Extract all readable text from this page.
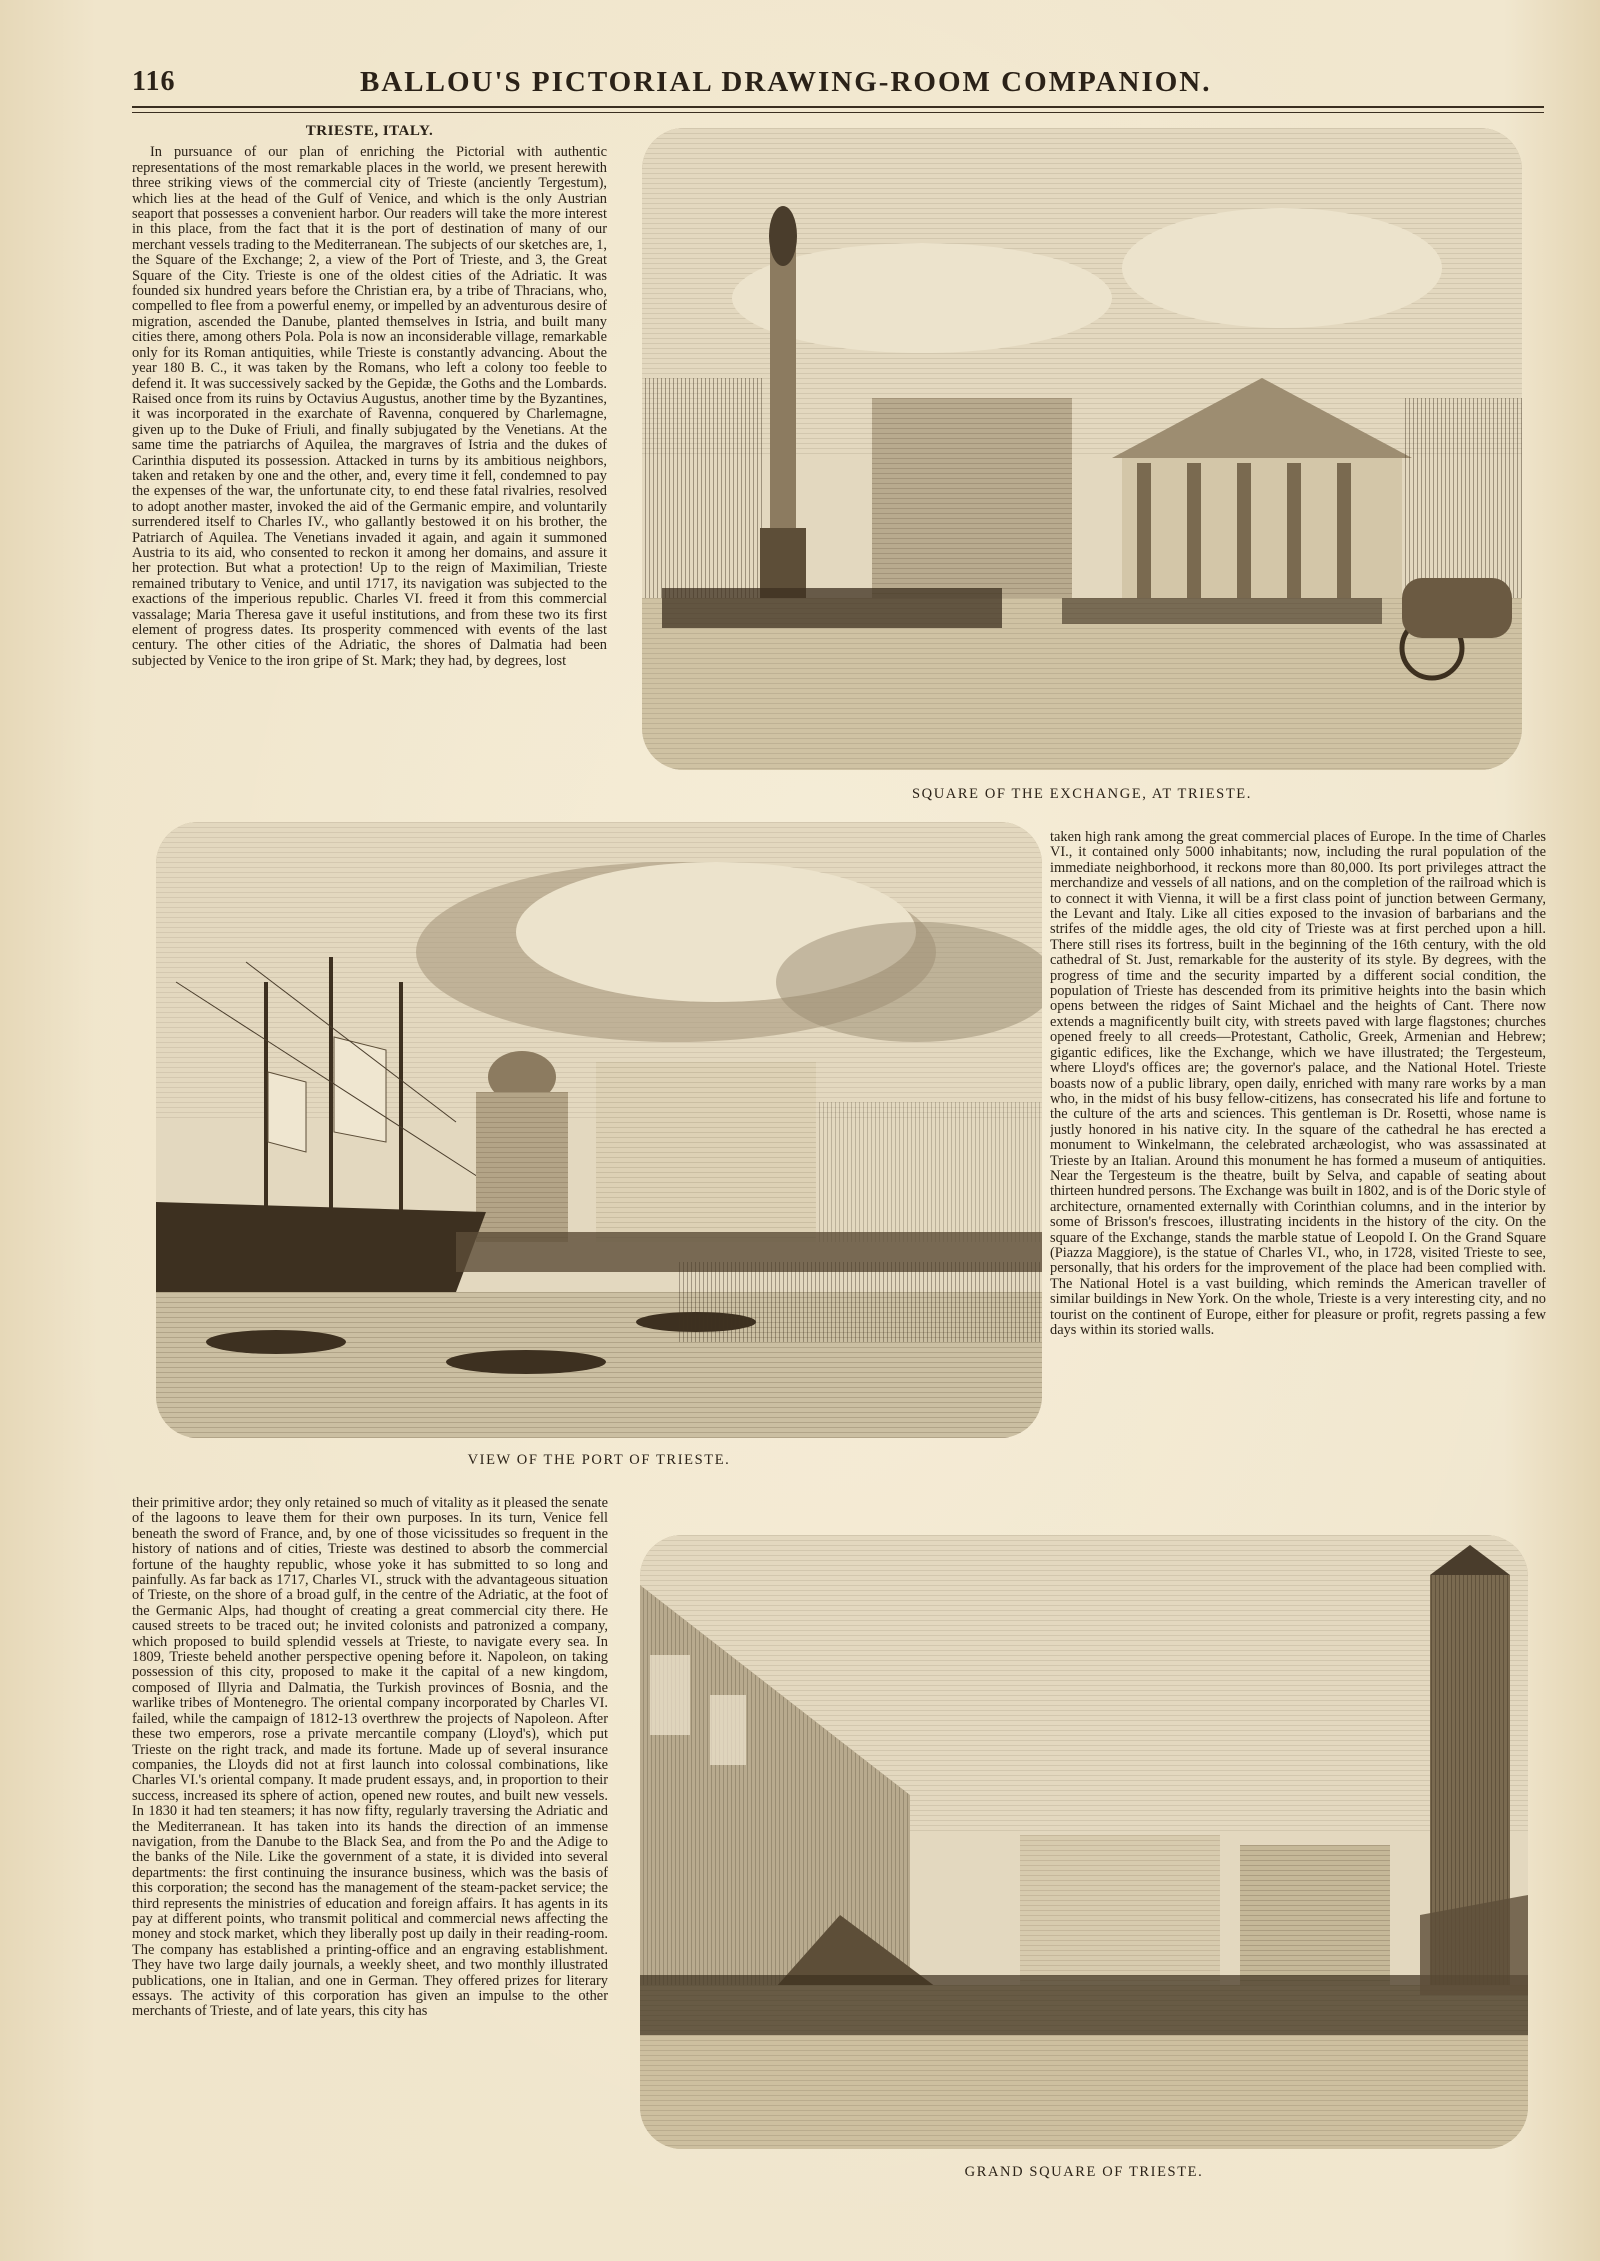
116	BALLOU'S PICTORIAL DRAWING-ROOM COMPANION.
TRIESTE, ITALY.

In pursuance of our plan of enriching the Pictorial with authentic representations of the most remarkable places in the world, we present herewith three striking views of the commercial city of Trieste (anciently Tergestum), which lies at the head of the Gulf of Venice, and which is the only Austrian seaport that possesses a convenient harbor. Our readers will take the more interest in this place, from the fact that it is the port of destination of many of our merchant vessels trading to the Mediterranean. The subjects of our sketches are, 1, the Square of the Exchange; 2, a view of the Port of Trieste, and 3, the Great Square of the City. Trieste is one of the oldest cities of the Adriatic. It was founded six hundred years before the Christian era, by a tribe of Thracians, who, compelled to flee from a powerful enemy, or impelled by an adventurous desire of migration, ascended the Danube, planted themselves in Istria, and built many cities there, among others Pola. Pola is now an inconsiderable village, remarkable only for its Roman antiquities, while Trieste is constantly advancing. About the year 180 B. C., it was taken by the Romans, who left a colony too feeble to defend it. It was successively sacked by the Gepidæ, the Goths and the Lombards. Raised once from its ruins by Octavius Augustus, another time by the Byzantines, it was incorporated in the exarchate of Ravenna, conquered by Charlemagne, given up to the Duke of Friuli, and finally subjugated by the Venetians. At the same time the patriarchs of Aquilea, the margraves of Istria and the dukes of Carinthia disputed its possession. Attacked in turns by its ambitious neighbors, taken and retaken by one and the other, and, every time it fell, condemned to pay the expenses of the war, the unfortunate city, to end these fatal rivalries, resolved to adopt another master, invoked the aid of the Germanic empire, and voluntarily surrendered itself to Charles IV., who gallantly bestowed it on his brother, the Patriarch of Aquilea. The Venetians invaded it again, and again it summoned Austria to its aid, who consented to reckon it among her domains, and assure it her protection. But what a protection! Up to the reign of Maximilian, Trieste remained tributary to Venice, and until 1717, its navigation was subjected to the exactions of the imperious republic. Charles VI. freed it from this commercial vassalage; Maria Theresa gave it useful institutions, and from these two its first element of progress dates. Its prosperity commenced with events of the last century. The other cities of the Adriatic, the shores of Dalmatia had been subjected by Venice to the iron gripe of St. Mark; they had, by degrees, lost

SQUARE OF THE EXCHANGE, AT TRIESTE.
VIEW OF THE PORT OF TRIESTE.

taken high rank among the great commercial places of Europe. In the time of Charles VI., it contained only 5000 inhabitants; now, including the rural population of the immediate neighborhood, it reckons more than 80,000. Its port privileges attract the merchandize and vessels of all nations, and on the completion of the railroad which is to connect it with Vienna, it will be a first class point of junction between Germany, the Levant and Italy. Like all cities exposed to the invasion of barbarians and the strifes of the middle ages, the old city of Trieste was at first perched upon a hill. There still rises its fortress, built in the beginning of the 16th century, with the old cathedral of St. Just, remarkable for the austerity of its style. By degrees, with the progress of time and the security imparted by a different social condition, the population of Trieste has descended from its primitive heights into the basin which opens between the ridges of Saint Michael and the heights of Cant. There now extends a magnificently built city, with streets paved with large flagstones; churches opened freely to all creeds—Protestant, Catholic, Greek, Armenian and Hebrew; gigantic edifices, like the Exchange, which we have illustrated; the Tergesteum, where Lloyd's offices are; the governor's palace, and the National Hotel. Trieste boasts now of a public library, open daily, enriched with many rare works by a man who, in the midst of his busy fellow-citizens, has consecrated his life and fortune to the culture of the arts and sciences. This gentleman is Dr. Rosetti, whose name is justly honored in his native city. In the square of the cathedral he has erected a monument to Winkelmann, the celebrated archæologist, who was assassinated at Trieste by an Italian. Around this monument he has formed a museum of antiquities. Near the Tergesteum is the theatre, built by Selva, and capable of seating about thirteen hundred persons. The Exchange was built in 1802, and is of the Doric style of architecture, ornamented externally with Corinthian columns, and in the interior by some of Brisson's frescoes, illustrating incidents in the history of the city. On the square of the Exchange, stands the marble statue of Leopold I. On the Grand Square (Piazza Maggiore), is the statue of Charles VI., who, in 1728, visited Trieste to see, personally, that his orders for the improvement of the place had been complied with. The National Hotel is a vast building, which reminds the American traveller of similar buildings in New York. On the whole, Trieste is a very interesting city, and no tourist on the continent of Europe, either for pleasure or profit, regrets passing a few days within its storied walls.

their primitive ardor; they only retained so much of vitality as it pleased the senate of the lagoons to leave them for their own purposes. In its turn, Venice fell beneath the sword of France, and, by one of those vicissitudes so frequent in the history of nations and of cities, Trieste was destined to absorb the commercial fortune of the haughty republic, whose yoke it has submitted to so long and painfully. As far back as 1717, Charles VI., struck with the advantageous situation of Trieste, on the shore of a broad gulf, in the centre of the Adriatic, at the foot of the Germanic Alps, had thought of creating a great commercial city there. He caused streets to be traced out; he invited colonists and patronized a company, which proposed to build splendid vessels at Trieste, to navigate every sea. In 1809, Trieste beheld another perspective opening before it. Napoleon, on taking possession of this city, proposed to make it the capital of a new kingdom, composed of Illyria and Dalmatia, the Turkish provinces of Bosnia, and the warlike tribes of Montenegro. The oriental company incorporated by Charles VI. failed, while the campaign of 1812-13 overthrew the projects of Napoleon. After these two emperors, rose a private mercantile company (Lloyd's), which put Trieste on the right track, and made its fortune. Made up of several insurance companies, the Lloyds did not at first launch into colossal combinations, like Charles VI.'s oriental company. It made prudent essays, and, in proportion to their success, increased its sphere of action, opened new routes, and built new vessels. In 1830 it had ten steamers; it has now fifty, regularly traversing the Adriatic and the Mediterranean. It has taken into its hands the direction of an immense navigation, from the Danube to the Black Sea, and from the Po and the Adige to the banks of the Nile. Like the government of a state, it is divided into several departments: the first continuing the insurance business, which was the basis of this corporation; the second has the management of the steam-packet service; the third represents the ministries of education and foreign affairs. It has agents in its pay at different points, who transmit political and commercial news affecting the money and stock market, which they liberally post up daily in their reading-room. The company has established a printing-office and an engraving establishment. They have two large daily journals, a weekly sheet, and two monthly illustrated publications, one in Italian, and one in German. They offered prizes for literary essays. The activity of this corporation has given an impulse to the other merchants of Trieste, and of late years, this city has

GRAND SQUARE OF TRIESTE.
